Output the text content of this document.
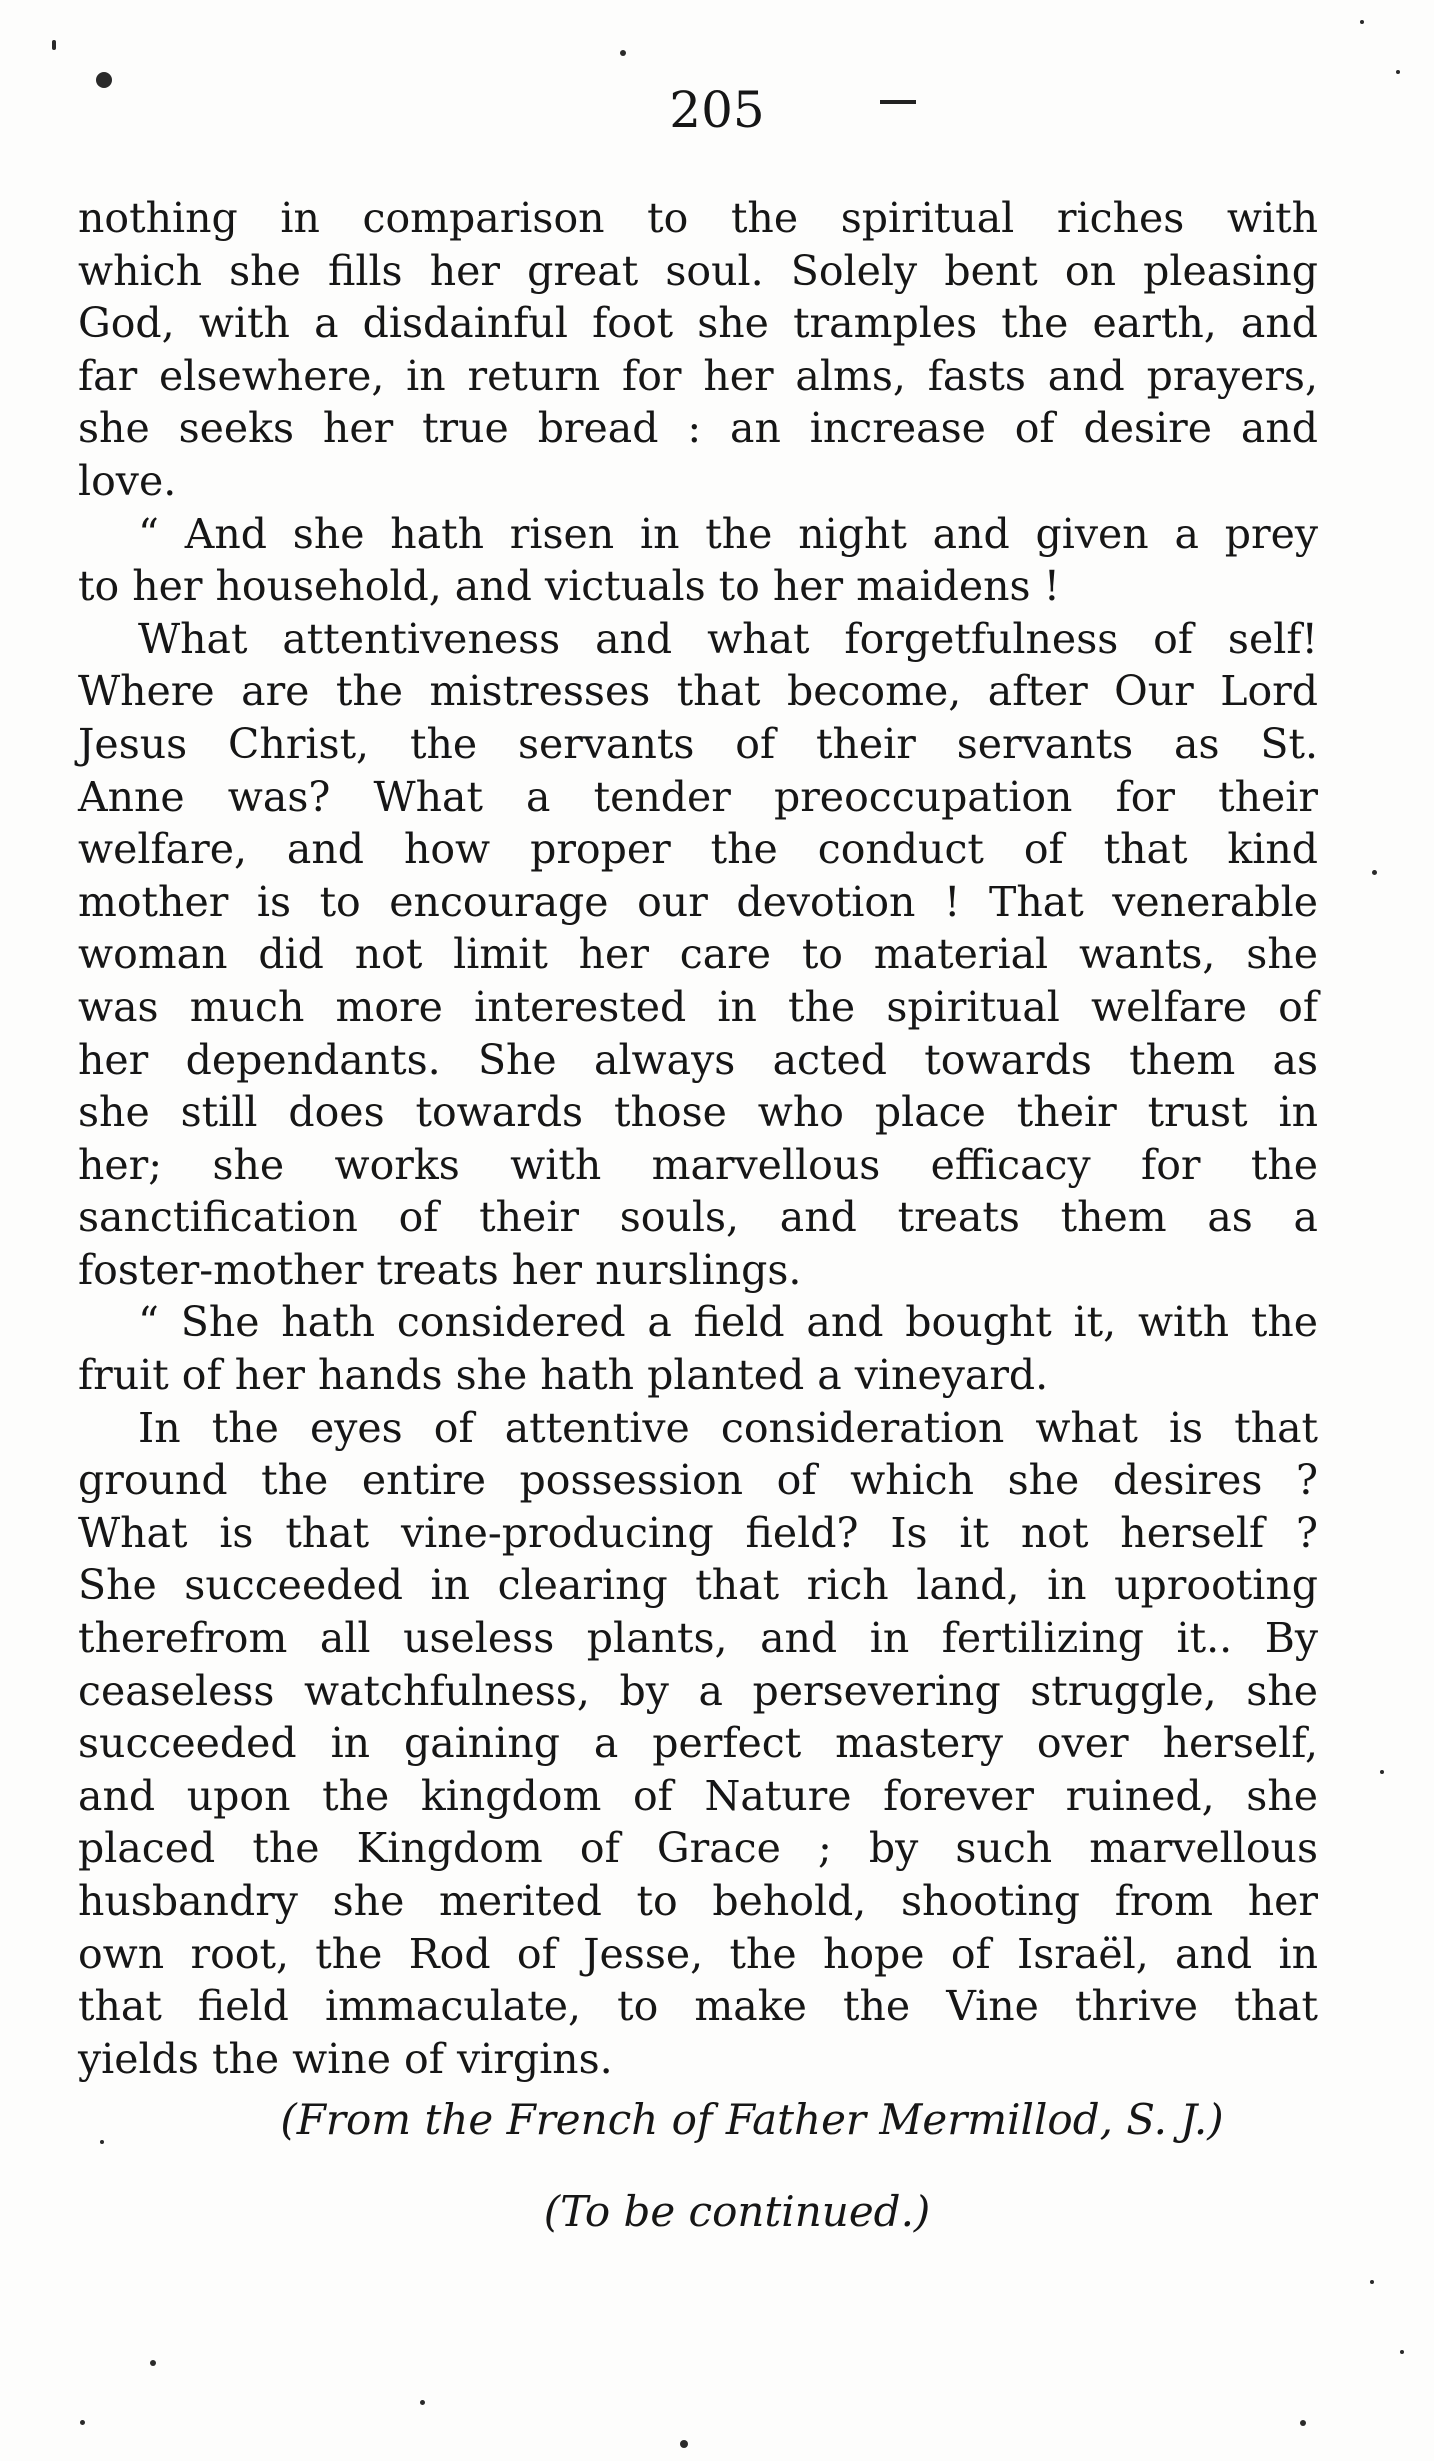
205
nothing in comparison to the spiritual riches with
which she fills her great soul. Solely bent on pleasing
God, with a disdainful foot she tramples the earth, and
far elsewhere, in return for her alms, fasts and prayers,
she seeks her true bread : an increase of desire and
love.
“ And she hath risen in the night and given a prey
to her household, and victuals to her maidens !
What attentiveness and what forgetfulness of self!
Where are the mistresses that become, after Our Lord
Jesus Christ, the servants of their servants as St.
Anne was? What a tender preoccupation for their
welfare, and how proper the conduct of that kind
mother is to encourage our devotion ! That venerable
woman did not limit her care to material wants, she
was much more interested in the spiritual welfare of
her dependants. She always acted towards them as
she still does towards those who place their trust in
her; she works with marvellous efficacy for the
sanctification of their souls, and treats them as a
foster-mother treats her nurslings.
“ She hath considered a field and bought it, with the
fruit of her hands she hath planted a vineyard.
In the eyes of attentive consideration what is that
ground the entire possession of which she desires ?
What is that vine-producing field? Is it not herself ?
She succeeded in clearing that rich land, in uprooting
therefrom all useless plants, and in fertilizing it.. By
ceaseless watchfulness, by a persevering struggle, she
succeeded in gaining a perfect mastery over herself,
and upon the kingdom of Nature forever ruined, she
placed the Kingdom of Grace ; by such marvellous
husbandry she merited to behold, shooting from her
own root, the Rod of Jesse, the hope of Israël, and in
that field immaculate, to make the Vine thrive that
yields the wine of virgins.
(From the French of Father Mermillod, S. J.)
(To be continued.)
